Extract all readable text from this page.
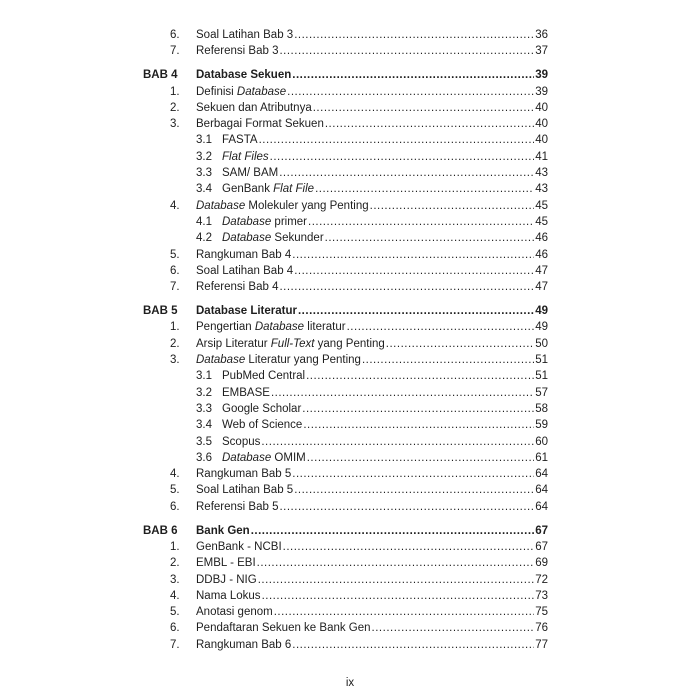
6.	Soal Latihan Bab 3 .....	36
7.	Referensi Bab 3 .....	37
BAB 4	Database Sekuen .....	39
1.	Definisi Database .....	39
2.	Sekuen dan Atributnya .....	40
3.	Berbagai Format Sekuen .....	40
3.1 FASTA .....	40
3.2 Flat Files .....	41
3.3 SAM/ BAM .....	43
3.4 GenBank Flat File .....	43
4.	Database Molekuler yang Penting .....	45
4.1 Database primer .....	45
4.2 Database Sekunder .....	46
5.	Rangkuman Bab 4 .....	46
6.	Soal Latihan Bab 4 .....	47
7.	Referensi Bab 4 .....	47
BAB 5	Database Literatur .....	49
1.	Pengertian Database literatur .....	49
2.	Arsip Literatur Full-Text yang Penting .....	50
3.	Database Literatur yang Penting .....	51
3.1 PubMed Central .....	51
3.2 EMBASE .....	57
3.3 Google Scholar .....	58
3.4 Web of Science .....	59
3.5 Scopus .....	60
3.6 Database OMIM .....	61
4.	Rangkuman Bab 5 .....	64
5.	Soal Latihan Bab 5 .....	64
6.	Referensi Bab 5 .....	64
BAB 6	Bank Gen .....	67
1.	GenBank - NCBI .....	67
2.	EMBL - EBI .....	69
3.	DDBJ - NIG .....	72
4.	Nama Lokus .....	73
5.	Anotasi genom .....	75
6.	Pendaftaran Sekuen ke Bank Gen .....	76
7.	Rangkuman Bab 6 .....	77
ix
